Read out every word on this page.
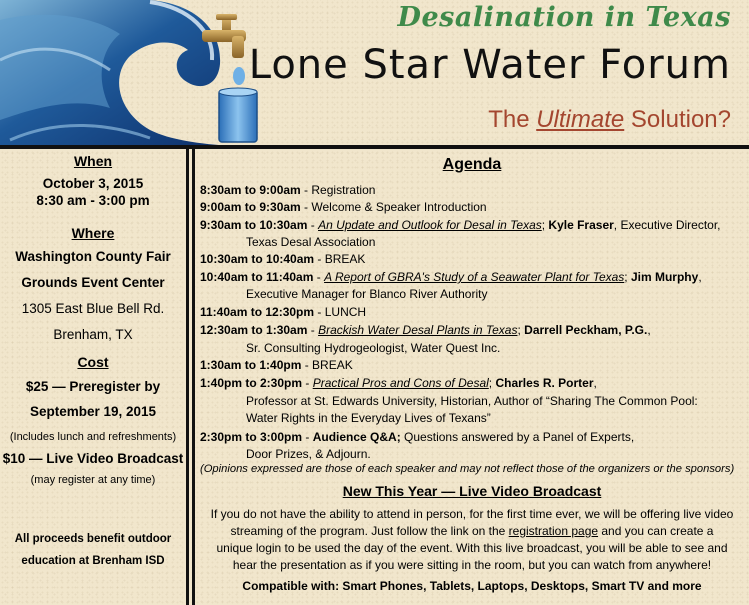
Desalination in Texas
Lone Star Water Forum
The Ultimate Solution?
When
October 3, 2015
8:30 am - 3:00 pm
Where
Washington County Fair
Grounds Event Center
1305 East Blue Bell Rd.
Brenham, TX
Cost
$25 — Preregister by
September 19, 2015
(Includes lunch and refreshments)
$10 — Live Video Broadcast
(may register at any time)
All proceeds benefit outdoor
education at Brenham ISD
Agenda
8:30am to 9:00am - Registration
9:00am to 9:30am - Welcome & Speaker Introduction
9:30am to 10:30am - An Update and Outlook for Desal in Texas; Kyle Fraser, Executive Director,
Texas Desal Association
10:30am to 10:40am - BREAK
10:40am to 11:40am - A Report of GBRA's Study of a Seawater Plant for Texas; Jim Murphy,
Executive Manager for Blanco River Authority
11:40am to 12:30pm - LUNCH
12:30am to 1:30am - Brackish Water Desal Plants in Texas; Darrell Peckham, P.G.,
Sr. Consulting Hydrogeologist, Water Quest Inc.
1:30am to 1:40pm - BREAK
1:40pm to 2:30pm - Practical Pros and Cons of Desal; Charles R. Porter,
Professor at St. Edwards University, Historian, Author of “Sharing The Common Pool:
Water Rights in the Everyday Lives of Texans”
2:30pm to 3:00pm - Audience Q&A; Questions answered by a Panel of Experts,
Door Prizes, & Adjourn.
(Opinions expressed are those of each speaker and may not reflect those of the organizers or the sponsors)
New This Year — Live Video Broadcast
If you do not have the ability to attend in person, for the first time ever, we will be offering live video
streaming of the program. Just follow the link on the registration page and you can create a
unique login to be used the day of the event. With this live broadcast, you will be able to see and
hear the presentation as if you were sitting in the room, but you can watch from anywhere!
Compatible with: Smart Phones, Tablets, Laptops, Desktops, Smart TV and more
